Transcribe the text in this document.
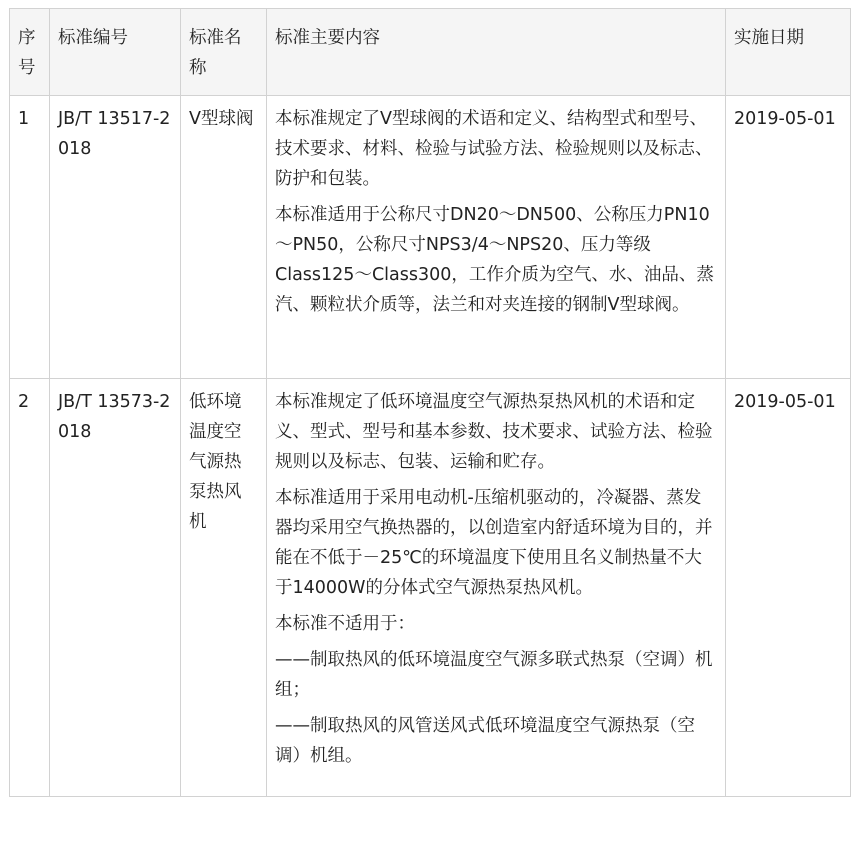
序号	标准编号	标准名称	标准主要内容	实施日期
1	JB/T 13517-2018	V型球阀	本标准规定了V型球阀的术语和定义、结构型式和型号、技术要求、材料、检验与试验方法、检验规则以及标志、防护和包装。

本标准适用于公称尺寸DN20～DN500、公称压力PN10～PN50，公称尺寸NPS3/4～NPS20、压力等级Class125～Class300，工作介质为空气、水、油品、蒸汽、颗粒状介质等，法兰和对夹连接的钢制V型球阀。	2019-05-01
2	JB/T 13573-2018	低环境温度空气源热泵热风机	本标准规定了低环境温度空气源热泵热风机的术语和定义、型式、型号和基本参数、技术要求、试验方法、检验规则以及标志、包装、运输和贮存。

本标准适用于采用电动机-压缩机驱动的，冷凝器、蒸发器均采用空气换热器的，以创造室内舒适环境为目的，并能在不低于－25℃的环境温度下使用且名义制热量不大于14000W的分体式空气源热泵热风机。

本标准不适用于：

——制取热风的低环境温度空气源多联式热泵（空调）机组；

——制取热风的风管送风式低环境温度空气源热泵（空调）机组。	2019-05-01
